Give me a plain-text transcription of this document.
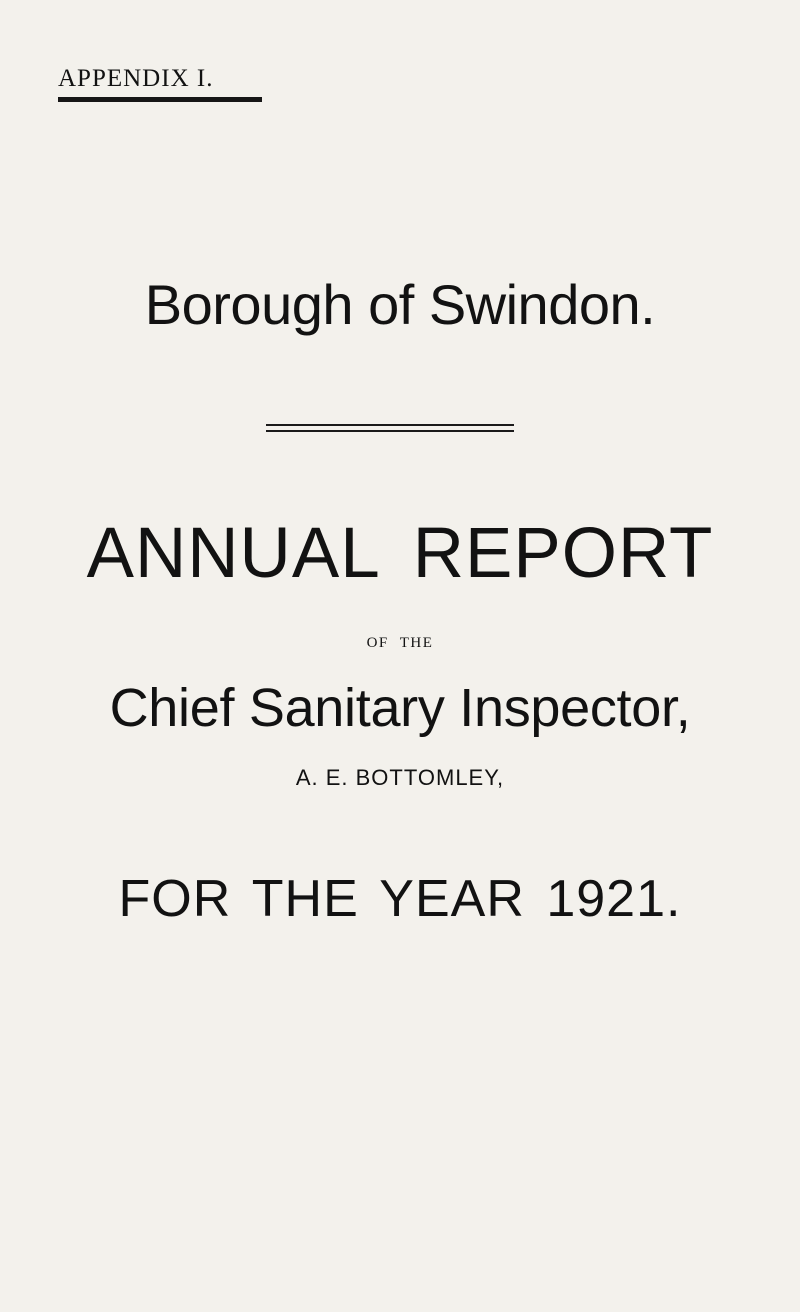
APPENDIX I.
Borough of Swindon.
ANNUAL REPORT
OF THE
Chief Sanitary Inspector,
A. E. BOTTOMLEY,
FOR THE YEAR 1921.
